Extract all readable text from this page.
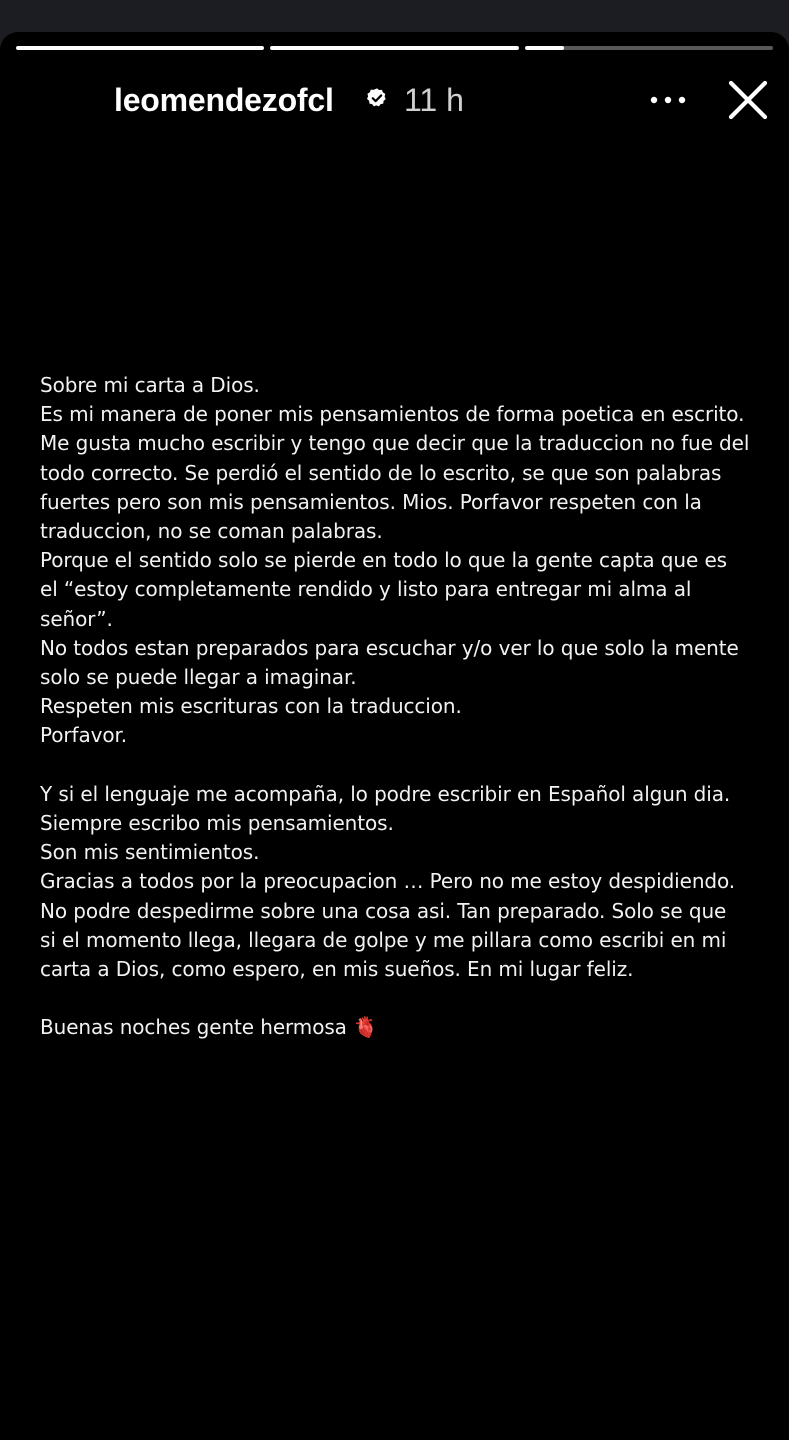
leomendezofcl 11 h

Sobre mi carta a Dios.

Es mi manera de poner mis pensamientos de forma poetica en escrito.

Me gusta mucho escribir y tengo que decir que la traduccion no fue del

todo correcto. Se perdió el sentido de lo escrito, se que son palabras

fuertes pero son mis pensamientos. Mios. Porfavor respeten con la

traduccion, no se coman palabras.

Porque el sentido solo se pierde en todo lo que la gente capta que es

el “estoy completamente rendido y listo para entregar mi alma al

señor”.

No todos estan preparados para escuchar y/o ver lo que solo la mente

solo se puede llegar a imaginar.

Respeten mis escrituras con la traduccion.

Porfavor.

Y si el lenguaje me acompaña, lo podre escribir en Español algun dia.

Siempre escribo mis pensamientos.

Son mis sentimientos.

Gracias a todos por la preocupacion … Pero no me estoy despidiendo.

No podre despedirme sobre una cosa asi. Tan preparado. Solo se que

si el momento llega, llegara de golpe y me pillara como escribi en mi

carta a Dios, como espero, en mis sueños. En mi lugar feliz.

Buenas noches gente hermosa 🫀
